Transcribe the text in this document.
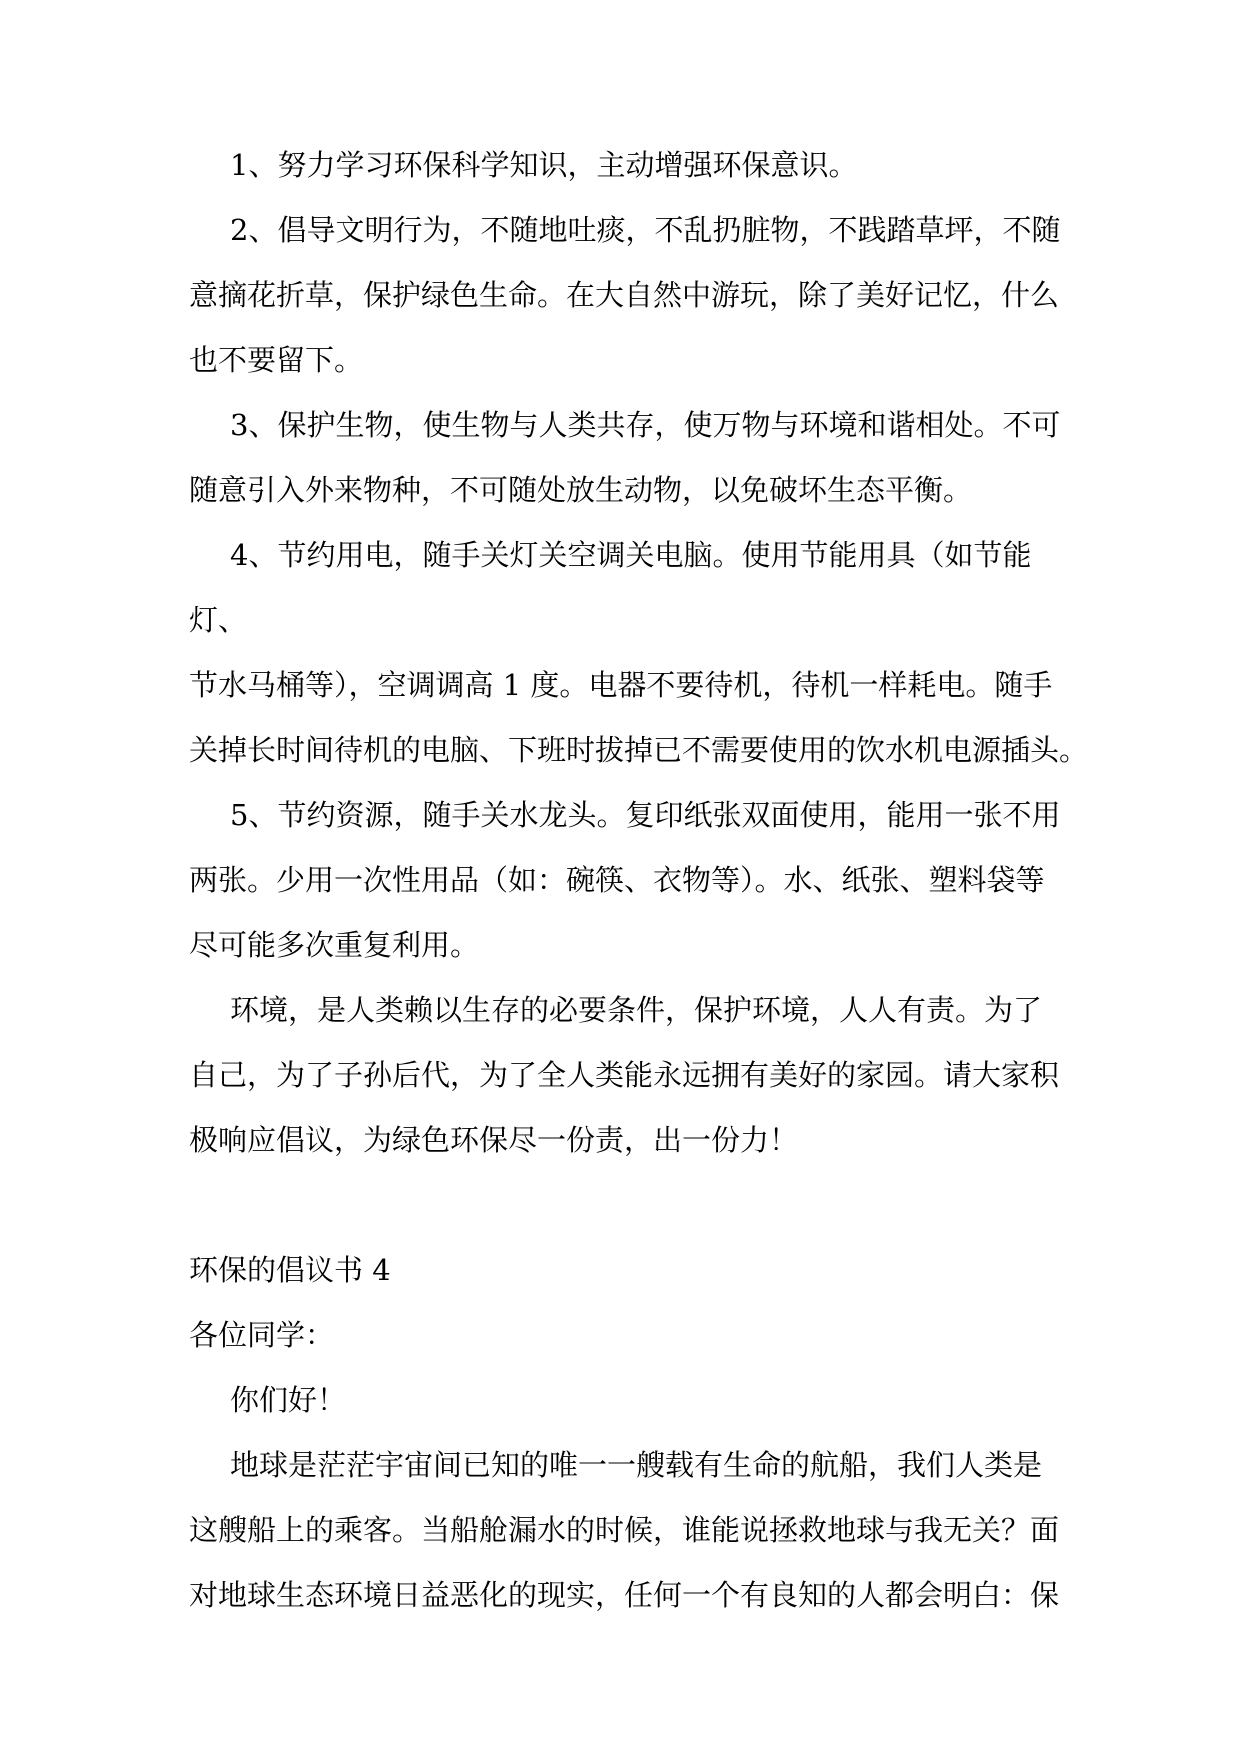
1、努力学习环保科学知识，主动增强环保意识。

2、倡导文明行为，不随地吐痰，不乱扔脏物，不践踏草坪，不随
意摘花折草，保护绿色生命。在大自然中游玩，除了美好记忆，什么
也不要留下。

3、保护生物，使生物与人类共存，使万物与环境和谐相处。不可
随意引入外来物种，不可随处放生动物，以免破坏生态平衡。

4、节约用电，随手关灯关空调关电脑。使用节能用具（如节能灯、
节水马桶等），空调调高 1 度。电器不要待机，待机一样耗电。随手
关掉长时间待机的电脑、下班时拔掉已不需要使用的饮水机电源插头。

5、节约资源，随手关水龙头。复印纸张双面使用，能用一张不用
两张。少用一次性用品（如：碗筷、衣物等）。水、纸张、塑料袋等
尽可能多次重复利用。

环境，是人类赖以生存的必要条件，保护环境，人人有责。为了
自己，为了子孙后代，为了全人类能永远拥有美好的家园。请大家积
极响应倡议，为绿色环保尽一份责，出一份力！

环保的倡议书 4

各位同学：

你们好！

地球是茫茫宇宙间已知的唯一一艘载有生命的航船，我们人类是
这艘船上的乘客。当船舱漏水的时候，谁能说拯救地球与我无关？面
对地球生态环境日益恶化的现实，任何一个有良知的人都会明白：保
